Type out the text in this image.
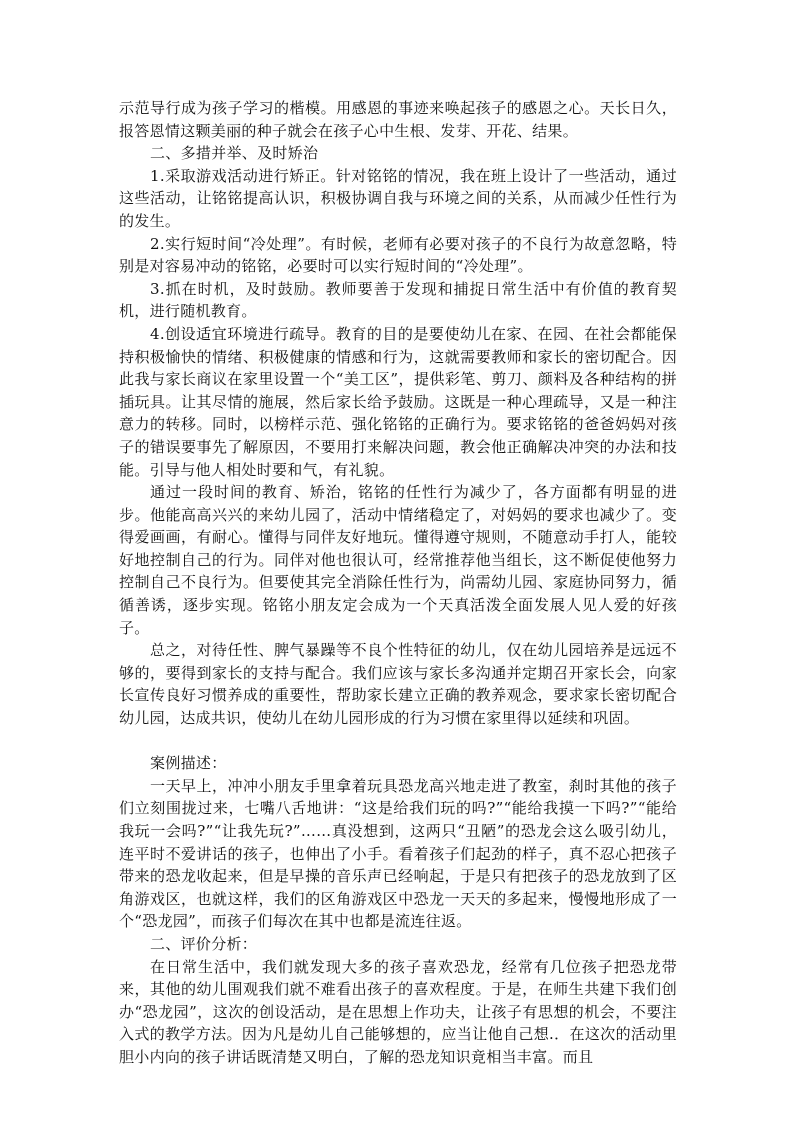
示范导行成为孩子学习的楷模。用感恩的事迹来唤起孩子的感恩之心。天长日久，报答恩情这颗美丽的种子就会在孩子心中生根、发芽、开花、结果。

二、多措并举、及时矫治

1.采取游戏活动进行矫正。针对铭铭的情况，我在班上设计了一些活动，通过这些活动，让铭铭提高认识，积极协调自我与环境之间的关系，从而减少任性行为的发生。

2.实行短时间“冷处理”。有时候，老师有必要对孩子的不良行为故意忽略，特别是对容易冲动的铭铭，必要时可以实行短时间的“冷处理”。

3.抓在时机，及时鼓励。教师要善于发现和捕捉日常生活中有价值的教育契机，进行随机教育。

4.创设适宜环境进行疏导。教育的目的是要使幼儿在家、在园、在社会都能保持积极愉快的情绪、积极健康的情感和行为，这就需要教师和家长的密切配合。因此我与家长商议在家里设置一个“美工区”，提供彩笔、剪刀、颜料及各种结构的拼插玩具。让其尽情的施展，然后家长给予鼓励。这既是一种心理疏导，又是一种注意力的转移。同时，以榜样示范、强化铭铭的正确行为。要求铭铭的爸爸妈妈对孩子的错误要事先了解原因，不要用打来解决问题，教会他正确解决冲突的办法和技能。引导与他人相处时要和气，有礼貌。

通过一段时间的教育、矫治，铭铭的任性行为减少了，各方面都有明显的进步。他能高高兴兴的来幼儿园了，活动中情绪稳定了，对妈妈的要求也减少了。变得爱画画，有耐心。懂得与同伴友好地玩。懂得遵守规则，不随意动手打人，能较好地控制自己的行为。同伴对他也很认可，经常推荐他当组长，这不断促使他努力控制自己不良行为。但要使其完全消除任性行为，尚需幼儿园、家庭协同努力，循循善诱，逐步实现。铭铭小朋友定会成为一个天真活泼全面发展人见人爱的好孩子。

总之，对待任性、脾气暴躁等不良个性特征的幼儿，仅在幼儿园培养是远远不够的，要得到家长的支持与配合。我们应该与家长多沟通并定期召开家长会，向家长宣传良好习惯养成的重要性，帮助家长建立正确的教养观念，要求家长密切配合幼儿园，达成共识，使幼儿在幼儿园形成的行为习惯在家里得以延续和巩固。

案例描述：

一天早上，冲冲小朋友手里拿着玩具恐龙高兴地走进了教室，刹时其他的孩子们立刻围拢过来，七嘴八舌地讲：“这是给我们玩的吗?”“能给我摸一下吗?”“能给我玩一会吗?”“让我先玩?”……真没想到，这两只“丑陋”的恐龙会这么吸引幼儿，连平时不爱讲话的孩子，也伸出了小手。看着孩子们起劲的样子，真不忍心把孩子带来的恐龙收起来，但是早操的音乐声已经响起，于是只有把孩子的恐龙放到了区角游戏区，也就这样，我们的区角游戏区中恐龙一天天的多起来，慢慢地形成了一个“恐龙园”，而孩子们每次在其中也都是流连往返。

二、评价分析：

在日常生活中，我们就发现大多的孩子喜欢恐龙，经常有几位孩子把恐龙带来，其他的幼儿围观我们就不难看出孩子的喜欢程度。于是，在师生共建下我们创办“恐龙园”，这次的创设活动，是在思想上作功夫，让孩子有思想的机会，不要注入式的教学方法。因为凡是幼儿自己能够想的，应当让他自己想.．在这次的活动里胆小内向的孩子讲话既清楚又明白，了解的恐龙知识竟相当丰富。而且
